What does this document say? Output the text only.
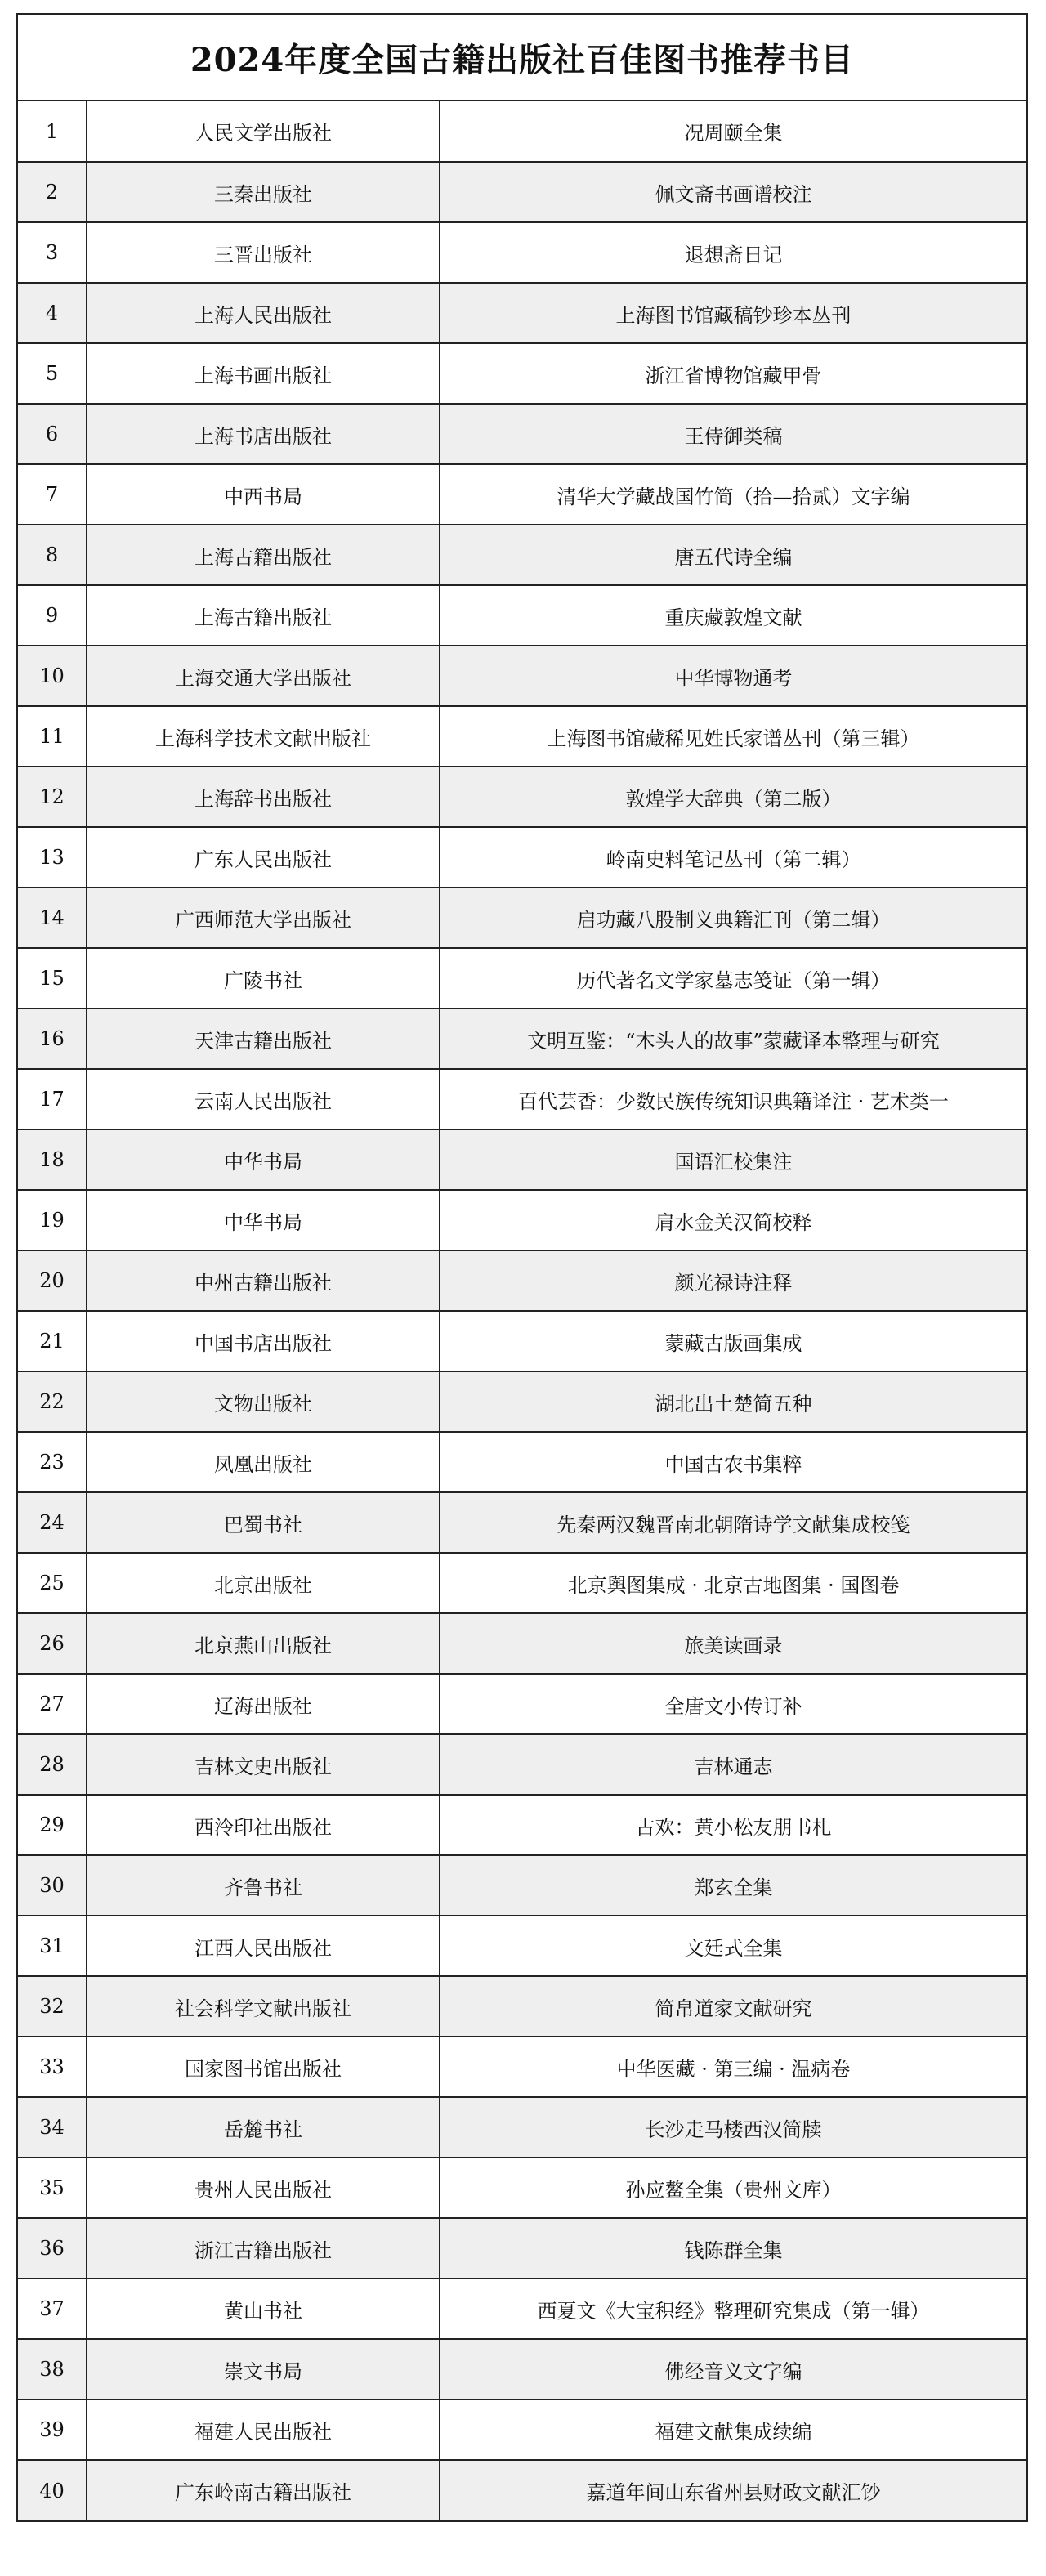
2024年度全国古籍出版社百佳图书推荐书目
1	人民文学出版社	况周颐全集
2	三秦出版社	佩文斋书画谱校注
3	三晋出版社	退想斋日记
4	上海人民出版社	上海图书馆藏稿钞珍本丛刊
5	上海书画出版社	浙江省博物馆藏甲骨
6	上海书店出版社	王侍御类稿
7	中西书局	清华大学藏战国竹简（拾—拾贰）文字编
8	上海古籍出版社	唐五代诗全编
9	上海古籍出版社	重庆藏敦煌文献
10	上海交通大学出版社	中华博物通考
11	上海科学技术文献出版社	上海图书馆藏稀见姓氏家谱丛刊（第三辑）
12	上海辞书出版社	敦煌学大辞典（第二版）
13	广东人民出版社	岭南史料笔记丛刊（第二辑）
14	广西师范大学出版社	启功藏八股制义典籍汇刊（第二辑）
15	广陵书社	历代著名文学家墓志笺证（第一辑）
16	天津古籍出版社	文明互鉴：“木头人的故事”蒙藏译本整理与研究
17	云南人民出版社	百代芸香：少数民族传统知识典籍译注 · 艺术类一
18	中华书局	国语汇校集注
19	中华书局	肩水金关汉简校释
20	中州古籍出版社	颜光禄诗注释
21	中国书店出版社	蒙藏古版画集成
22	文物出版社	湖北出土楚简五种
23	凤凰出版社	中国古农书集粹
24	巴蜀书社	先秦两汉魏晋南北朝隋诗学文献集成校笺
25	北京出版社	北京舆图集成 · 北京古地图集 · 国图卷
26	北京燕山出版社	旅美读画录
27	辽海出版社	全唐文小传订补
28	吉林文史出版社	吉林通志
29	西泠印社出版社	古欢：黄小松友朋书札
30	齐鲁书社	郑玄全集
31	江西人民出版社	文廷式全集
32	社会科学文献出版社	简帛道家文献研究
33	国家图书馆出版社	中华医藏 · 第三编 · 温病卷
34	岳麓书社	长沙走马楼西汉简牍
35	贵州人民出版社	孙应鳌全集（贵州文库）
36	浙江古籍出版社	钱陈群全集
37	黄山书社	西夏文《大宝积经》整理研究集成（第一辑）
38	崇文书局	佛经音义文字编
39	福建人民出版社	福建文献集成续编
40	广东岭南古籍出版社	嘉道年间山东省州县财政文献汇钞
